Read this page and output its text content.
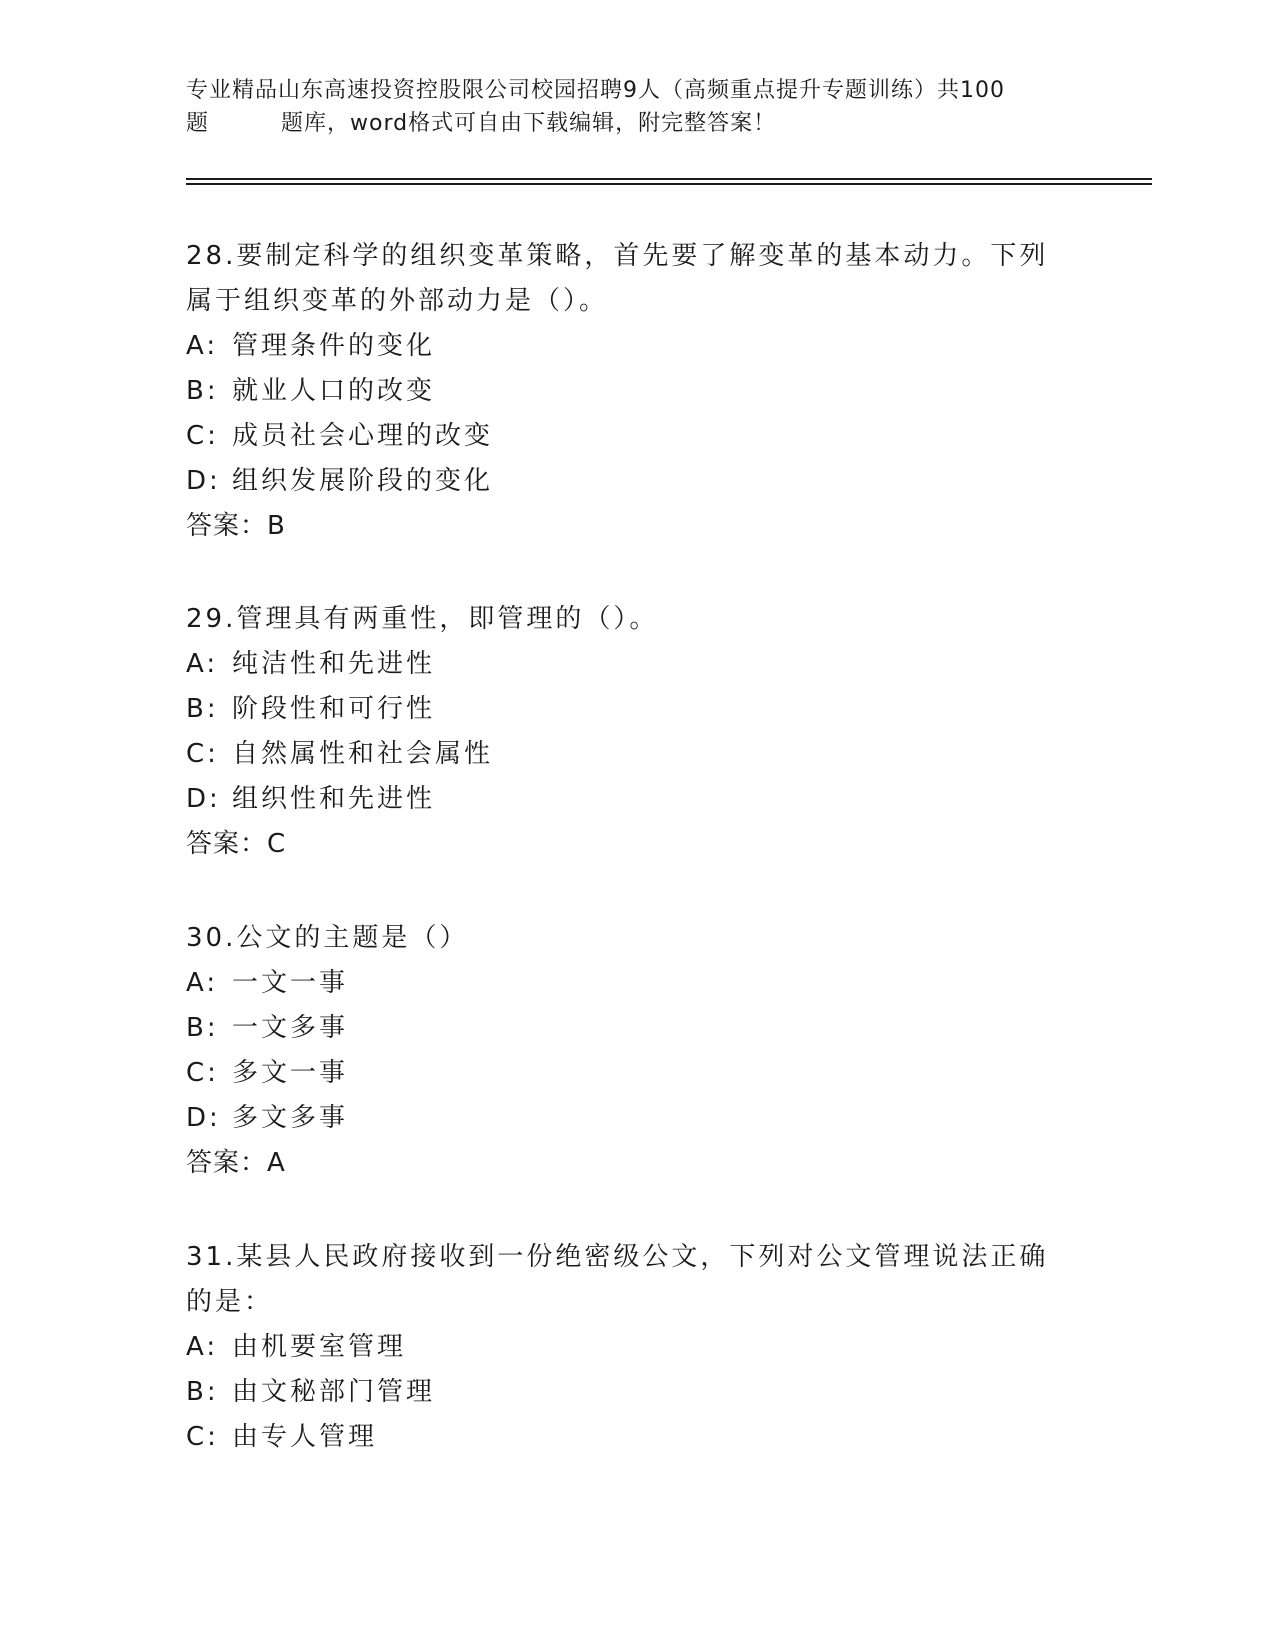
专业精品山东高速投资控股限公司校园招聘9人（高频重点提升专题训练）共100
题	题库，word格式可自由下载编辑，附完整答案！
28.要制定科学的组织变革策略，首先要了解变革的基本动力。下列属于组织变革的外部动力是（）。
A: 管理条件的变化
B: 就业人口的改变
C: 成员社会心理的改变
D: 组织发展阶段的变化
答案：B
29.管理具有两重性，即管理的（）。
A: 纯洁性和先进性
B: 阶段性和可行性
C: 自然属性和社会属性
D: 组织性和先进性
答案：C
30.公文的主题是（）
A: 一文一事
B: 一文多事
C: 多文一事
D: 多文多事
答案：A
31.某县人民政府接收到一份绝密级公文，下列对公文管理说法正确的是：
A: 由机要室管理
B: 由文秘部门管理
C: 由专人管理
